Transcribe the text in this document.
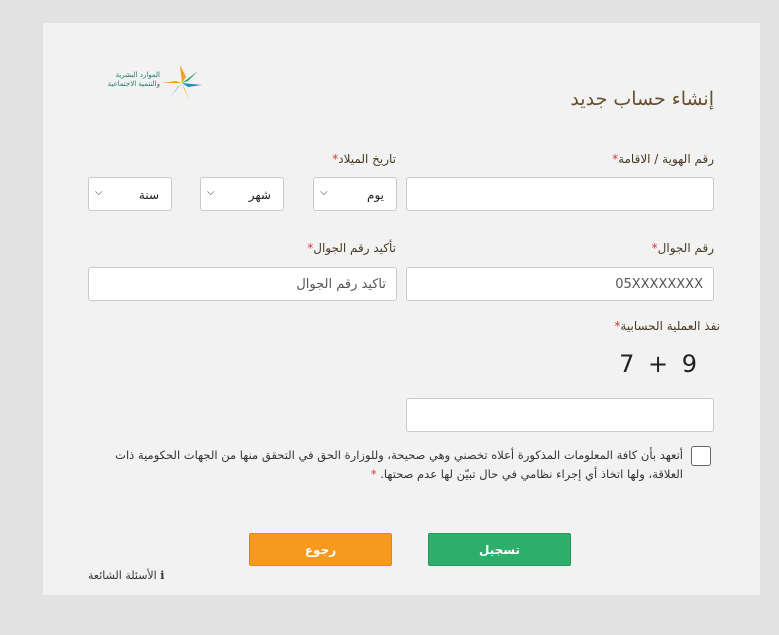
الموارد البشرية
والتنمية الاجتماعية
إنشاء حساب جديد
رقم الهوية / الاقامة*
تاريخ الميلاد*
يوم
⌵
شهر
⌵
سنة
⌵
رقم الجوال*
05XXXXXXXX
تأكيد رقم الجوال*
تأكيد رقم الجوال
نفذ العملية الحسابية*
7 + 9
أتعهد بأن كافة المعلومات المذكورة أعلاه تخصني وهي صحيحة، وللوزارة الحق في التحقق منها من الجهات الحكومية ذات العلاقة، ولها اتخاذ أي إجراء نظامي في حال تبيّن لها عدم صحتها. *
تسجيل
رجوع
i الأسئلة الشائعة
